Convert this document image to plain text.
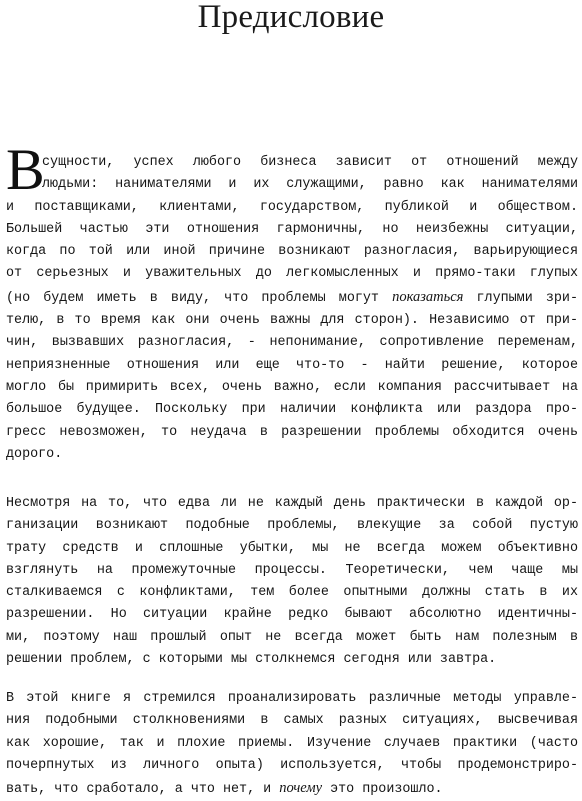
Предисловие
В
сущности, успех любого бизнеса зависит от отношений между
людьми: нанимателями и их служащими, равно как нанимателями
и поставщиками, клиентами, государством, публикой и обществом.
Большей частью эти отношения гармоничны, но неизбежны ситуации,
когда по той или иной причине возникают разногласия, варьирующиеся
от серьезных и уважительных до легкомысленных и прямо-таки глупых
(но будем иметь в виду, что проблемы могут показаться глупыми зри-
телю, в то время как они очень важны для сторон). Независимо от при-
чин, вызвавших разногласия, - непонимание, сопротивление переменам,
неприязненные отношения или еще что-то - найти решение, которое
могло бы примирить всех, очень важно, если компания рассчитывает на
большое будущее. Поскольку при наличии конфликта или раздора про-
гресс невозможен, то неудача в разрешении проблемы обходится очень
дорого.
Несмотря на то, что едва ли не каждый день практически в каждой ор-
ганизации возникают подобные проблемы, влекущие за собой пустую
трату средств и сплошные убытки, мы не всегда можем объективно
взглянуть на промежуточные процессы. Теоретически, чем чаще мы
сталкиваемся с конфликтами, тем более опытными должны стать в их
разрешении. Но ситуации крайне редко бывают абсолютно идентичны-
ми, поэтому наш прошлый опыт не всегда может быть нам полезным в
решении проблем, с которыми мы столкнемся сегодня или завтра.
В этой книге я стремился проанализировать различные методы управле-
ния подобными столкновениями в самых разных ситуациях, высвечивая
как хорошие, так и плохие приемы. Изучение случаев практики (часто
почерпнутых из личного опыта) используется, чтобы продемонстриро-
вать, что сработало, а что нет, и почему это произошло.
